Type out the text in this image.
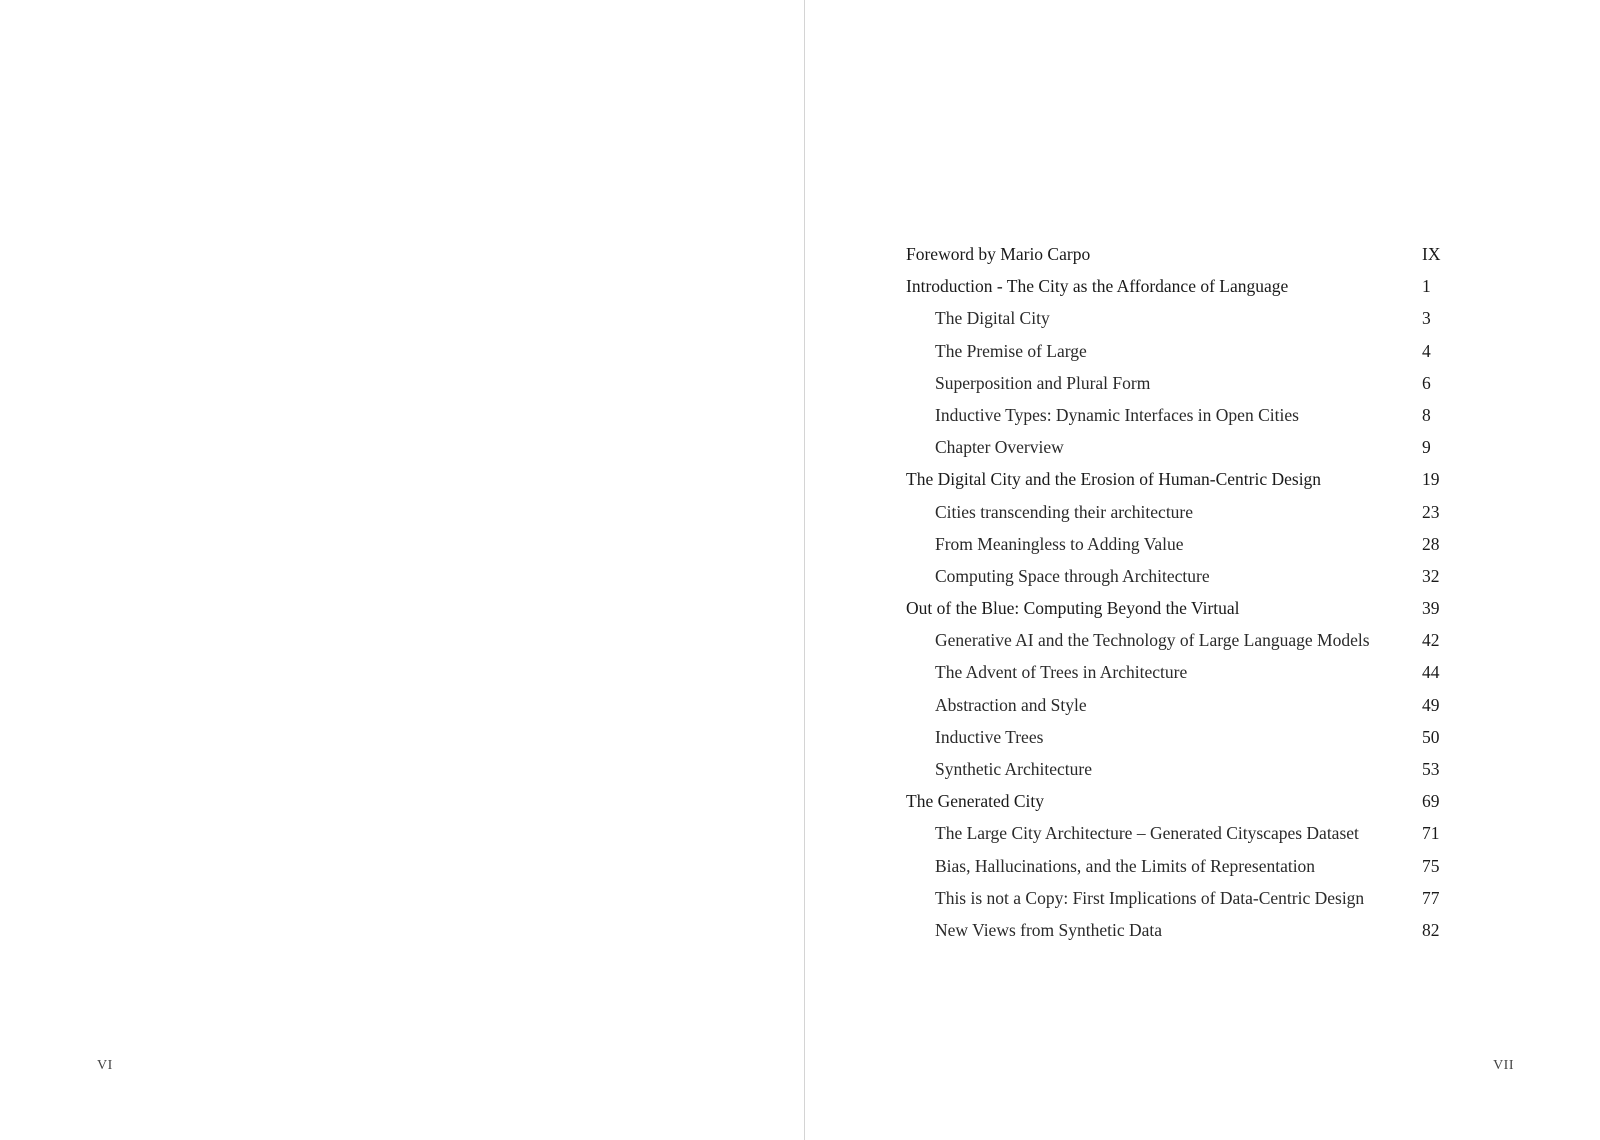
VI
Foreword by Mario Carpo	IX
Introduction - The City as the Affordance of Language	1
The Digital City	3
The Premise of Large	4
Superposition and Plural Form	6
Inductive Types: Dynamic Interfaces in Open Cities	8
Chapter Overview	9
The Digital City and the Erosion of Human-Centric Design	19
Cities transcending their architecture	23
From Meaningless to Adding Value	28
Computing Space through Architecture	32
Out of the Blue: Computing Beyond the Virtual	39
Generative AI and the Technology of Large Language Models	42
The Advent of Trees in Architecture	44
Abstraction and Style	49
Inductive Trees	50
Synthetic Architecture	53
The Generated City	69
The Large City Architecture – Generated Cityscapes Dataset	71
Bias, Hallucinations, and the Limits of Representation	75
This is not a Copy: First Implications of Data-Centric Design	77
New Views from Synthetic Data	82
VII
